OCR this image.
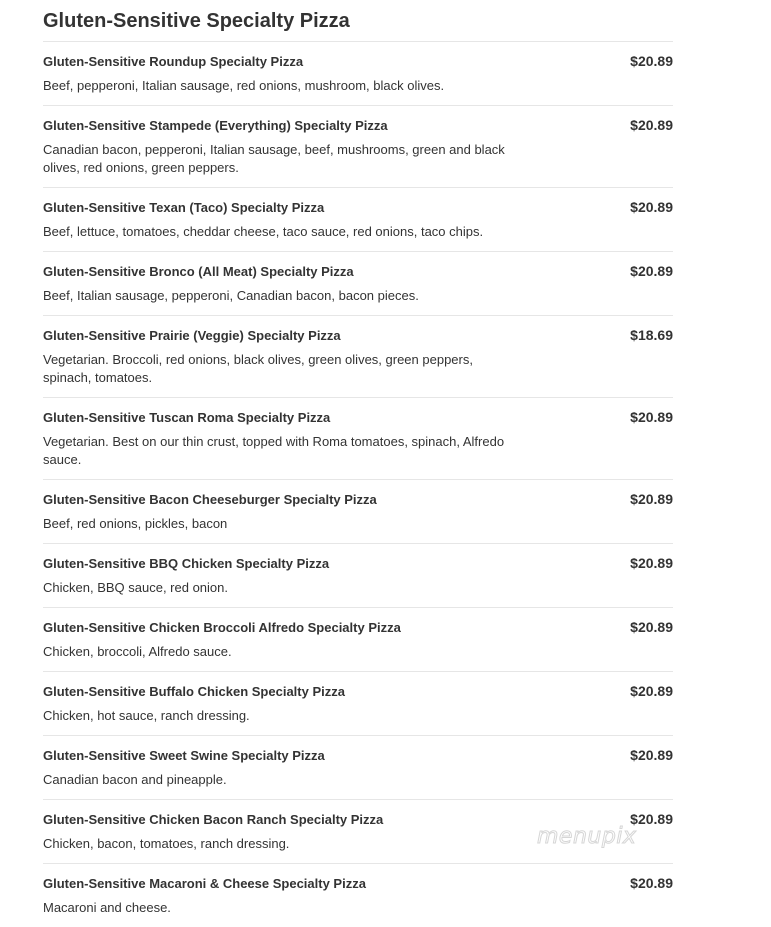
Gluten-Sensitive Specialty Pizza
Gluten-Sensitive Roundup Specialty Pizza	$20.89
Beef, pepperoni, Italian sausage, red onions, mushroom, black olives.
Gluten-Sensitive Stampede (Everything) Specialty Pizza	$20.89
Canadian bacon, pepperoni, Italian sausage, beef, mushrooms, green and black olives, red onions, green peppers.
Gluten-Sensitive Texan (Taco) Specialty Pizza	$20.89
Beef, lettuce, tomatoes, cheddar cheese, taco sauce, red onions, taco chips.
Gluten-Sensitive Bronco (All Meat) Specialty Pizza	$20.89
Beef, Italian sausage, pepperoni, Canadian bacon, bacon pieces.
Gluten-Sensitive Prairie (Veggie) Specialty Pizza	$18.69
Vegetarian. Broccoli, red onions, black olives, green olives, green peppers, spinach, tomatoes.
Gluten-Sensitive Tuscan Roma Specialty Pizza	$20.89
Vegetarian. Best on our thin crust, topped with Roma tomatoes, spinach, Alfredo sauce.
Gluten-Sensitive Bacon Cheeseburger Specialty Pizza	$20.89
Beef, red onions, pickles, bacon
Gluten-Sensitive BBQ Chicken Specialty Pizza	$20.89
Chicken, BBQ sauce, red onion.
Gluten-Sensitive Chicken Broccoli Alfredo Specialty Pizza	$20.89
Chicken, broccoli, Alfredo sauce.
Gluten-Sensitive Buffalo Chicken Specialty Pizza	$20.89
Chicken, hot sauce, ranch dressing.
Gluten-Sensitive Sweet Swine Specialty Pizza	$20.89
Canadian bacon and pineapple.
Gluten-Sensitive Chicken Bacon Ranch Specialty Pizza	$20.89
Chicken, bacon, tomatoes, ranch dressing.
Gluten-Sensitive Macaroni & Cheese Specialty Pizza	$20.89
Macaroni and cheese.
menupix
